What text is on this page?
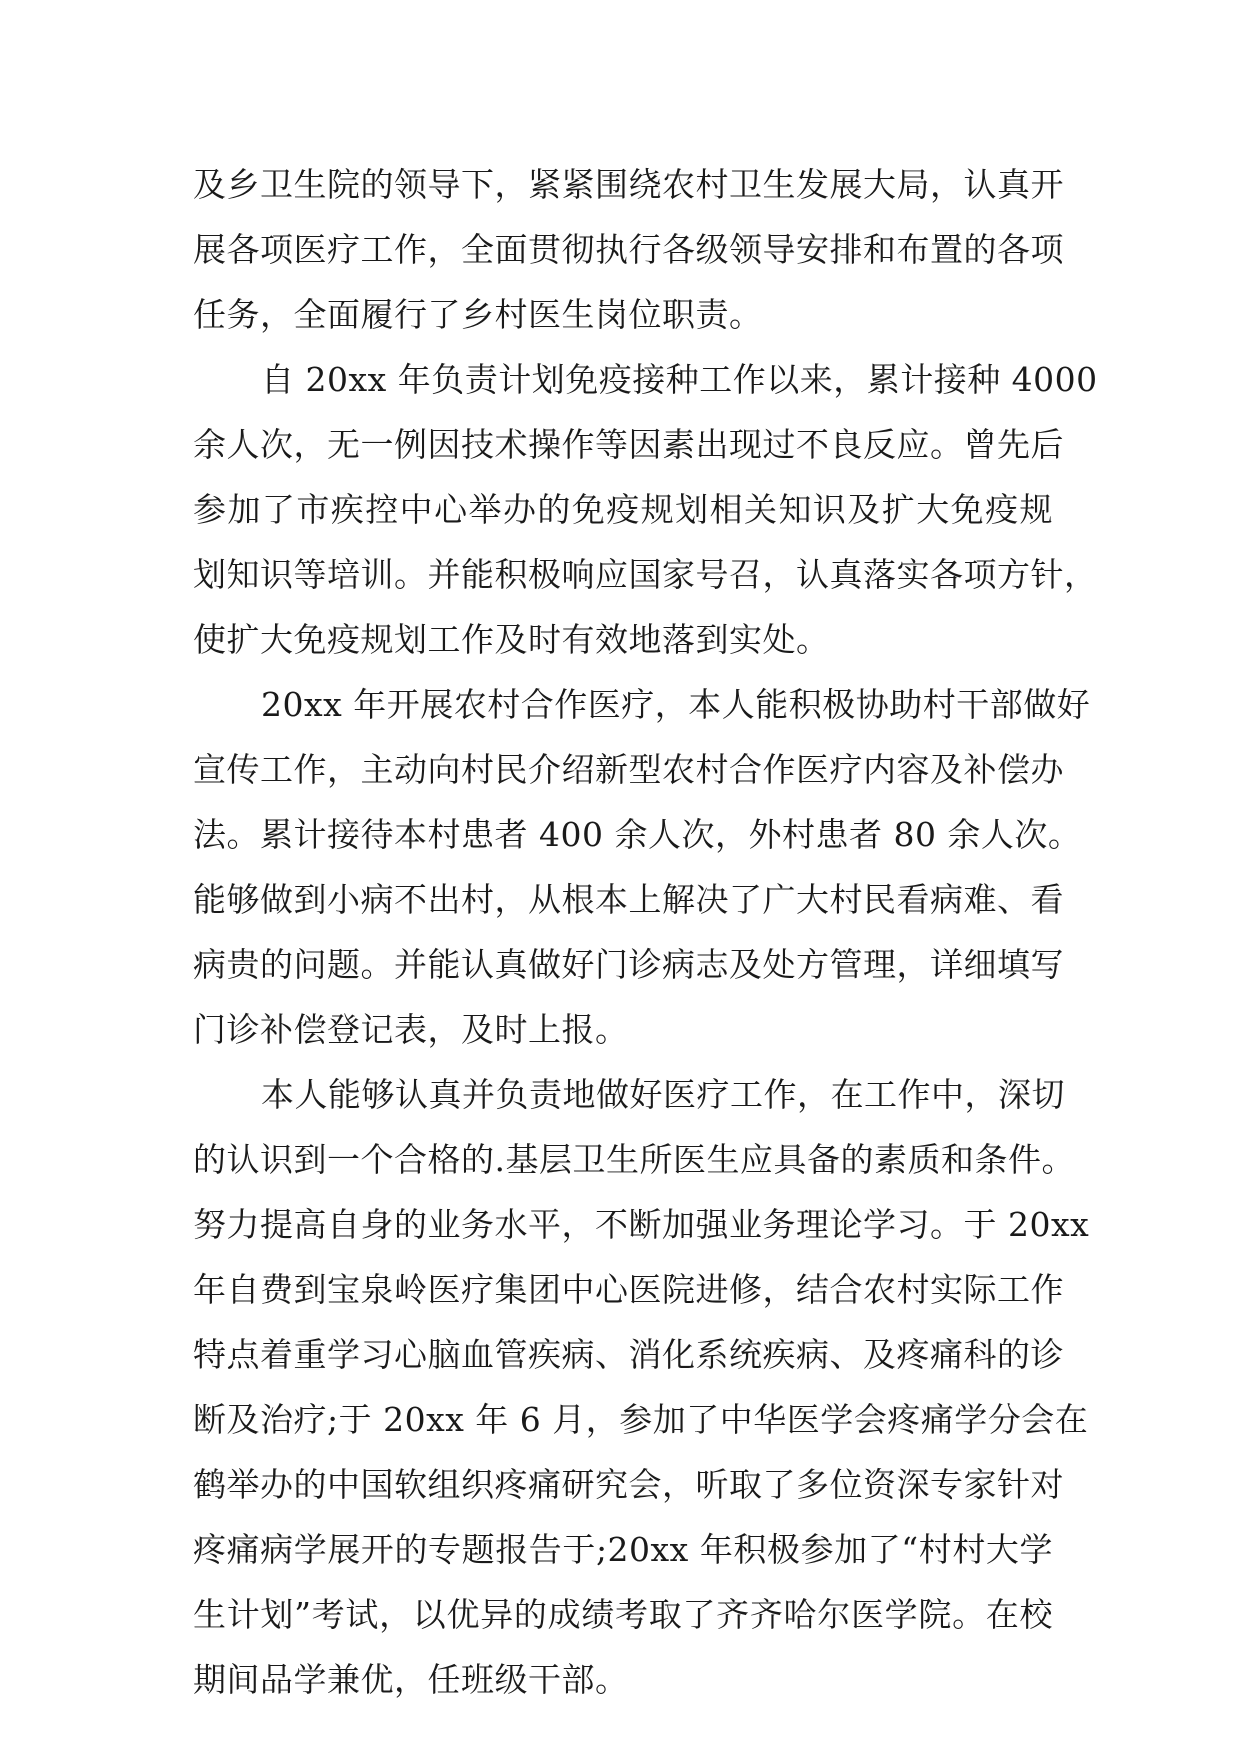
及乡卫生院的领导下，紧紧围绕农村卫生发展大局，认真开
展各项医疗工作，全面贯彻执行各级领导安排和布置的各项
任务，全面履行了乡村医生岗位职责。
自 20xx 年负责计划免疫接种工作以来，累计接种 4000
余人次，无一例因技术操作等因素出现过不良反应。曾先后
参加了市疾控中心举办的免疫规划相关知识及扩大免疫规
划知识等培训。并能积极响应国家号召，认真落实各项方针，
使扩大免疫规划工作及时有效地落到实处。
20xx 年开展农村合作医疗，本人能积极协助村干部做好
宣传工作，主动向村民介绍新型农村合作医疗内容及补偿办
法。累计接待本村患者 400 余人次，外村患者 80 余人次。
能够做到小病不出村，从根本上解决了广大村民看病难、看
病贵的问题。并能认真做好门诊病志及处方管理，详细填写
门诊补偿登记表，及时上报。
本人能够认真并负责地做好医疗工作，在工作中，深切
的认识到一个合格的.基层卫生所医生应具备的素质和条件。
努力提高自身的业务水平，不断加强业务理论学习。于 20xx
年自费到宝泉岭医疗集团中心医院进修，结合农村实际工作
特点着重学习心脑血管疾病、消化系统疾病、及疼痛科的诊
断及治疗;于 20xx 年 6 月，参加了中华医学会疼痛学分会在
鹤举办的中国软组织疼痛研究会，听取了多位资深专家针对
疼痛病学展开的专题报告于;20xx 年积极参加了“村村大学
生计划”考试，以优异的成绩考取了齐齐哈尔医学院。在校
期间品学兼优，任班级干部。
